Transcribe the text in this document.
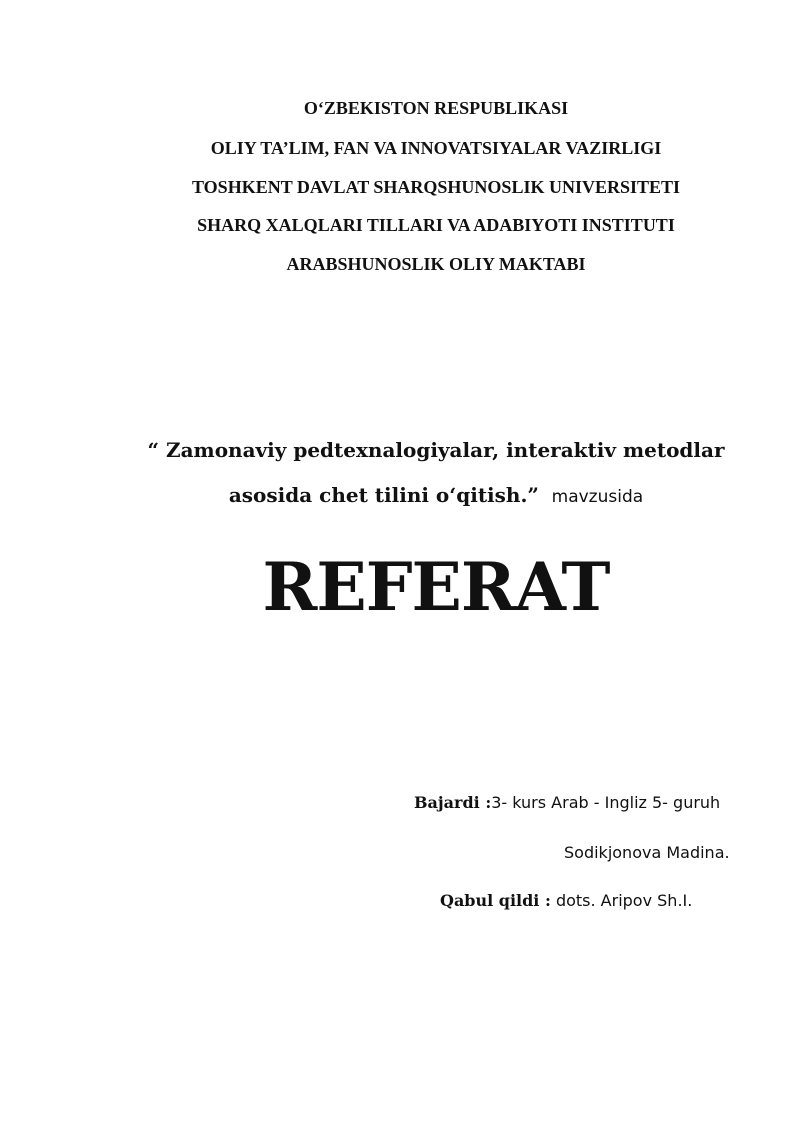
O‘ZBEKISTON RESPUBLIKASI
OLIY TA’LIM, FAN VA INNOVATSIYALAR VAZIRLIGI
TOSHKENT DAVLAT SHARQSHUNOSLIK UNIVERSITETI
SHARQ XALQLARI TILLARI VA ADABIYOTI INSTITUTI
ARABSHUNOSLIK OLIY MAKTABI
“ Zamonaviy pedtexnalogiyalar, interaktiv metodlar
asosida chet tilini o‘qitish.” mavzusida
REFERAT
Bajardi :3- kurs Arab - Ingliz 5- guruh
Sodikjonova Madina.
Qabul qildi : dots. Aripov Sh.I.
